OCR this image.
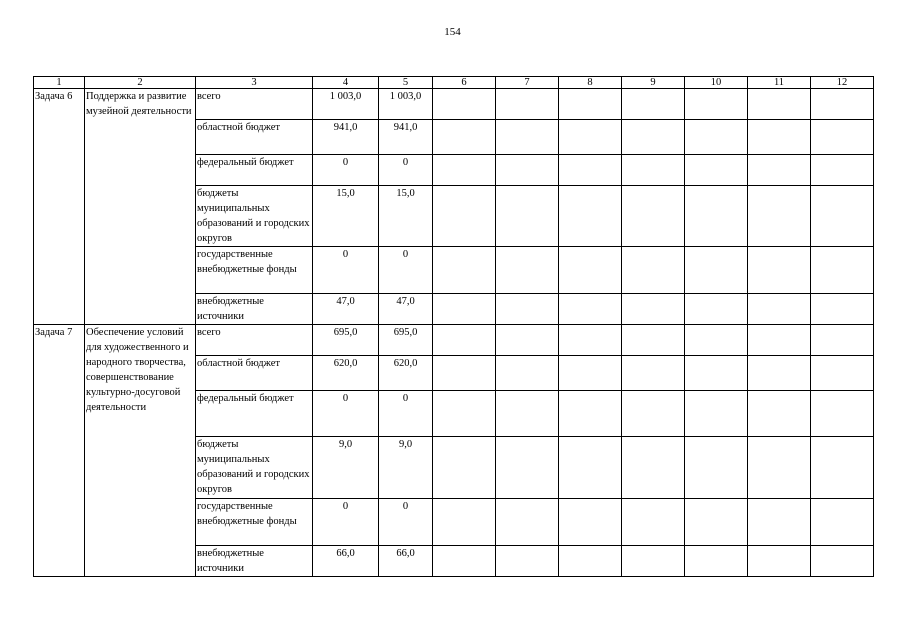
154
1	2	3	4	5	6	7	8	9	10	11	12
Задача 6	Поддержка и развитие музейной деятельности	всего	1 003,0	1 003,0							
		областной бюджет	941,0	941,0							
		федеральный бюджет	0	0							
		бюджеты муниципальных образований и городских округов	15,0	15,0							
		государственные внебюджетные фонды	0	0							
		внебюджетные источники	47,0	47,0							
Задача 7	Обеспечение условий для художественного и народного творчества, совершенствование культурно-досуговой деятельности	всего	695,0	695,0							
		областной бюджет	620,0	620,0							
		федеральный бюджет	0	0							
		бюджеты муниципальных образований и городских округов	9,0	9,0							
		государственные внебюджетные фонды	0	0							
		внебюджетные источники	66,0	66,0							
